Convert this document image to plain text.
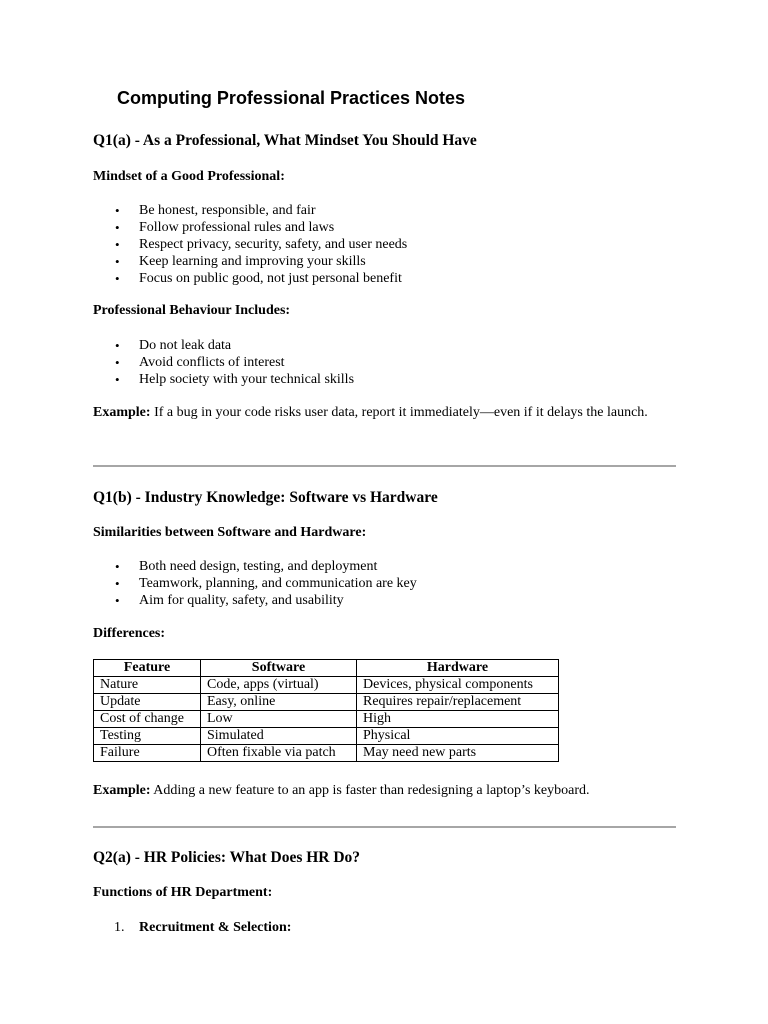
Computing Professional Practices Notes
Q1(a) - As a Professional, What Mindset You Should Have
Mindset of a Good Professional:
• Be honest, responsible, and fair
• Follow professional rules and laws
• Respect privacy, security, safety, and user needs
• Keep learning and improving your skills
• Focus on public good, not just personal benefit
Professional Behaviour Includes:
• Do not leak data
• Avoid conflicts of interest
• Help society with your technical skills

Example: If a bug in your code risks user data, report it immediately—even if it delays the launch.

Q1(b) - Industry Knowledge: Software vs Hardware
Similarities between Software and Hardware:
• Both need design, testing, and deployment
• Teamwork, planning, and communication are key
• Aim for quality, safety, and usability
Differences:
Feature	Software	Hardware
Nature	Code, apps (virtual)	Devices, physical components
Update	Easy, online	Requires repair/replacement
Cost of change	Low	High
Testing	Simulated	Physical
Failure	Often fixable via patch	May need new parts

Example: Adding a new feature to an app is faster than redesigning a laptop’s keyboard.

Q2(a) - HR Policies: What Does HR Do?
Functions of HR Department:
1. Recruitment & Selection:
